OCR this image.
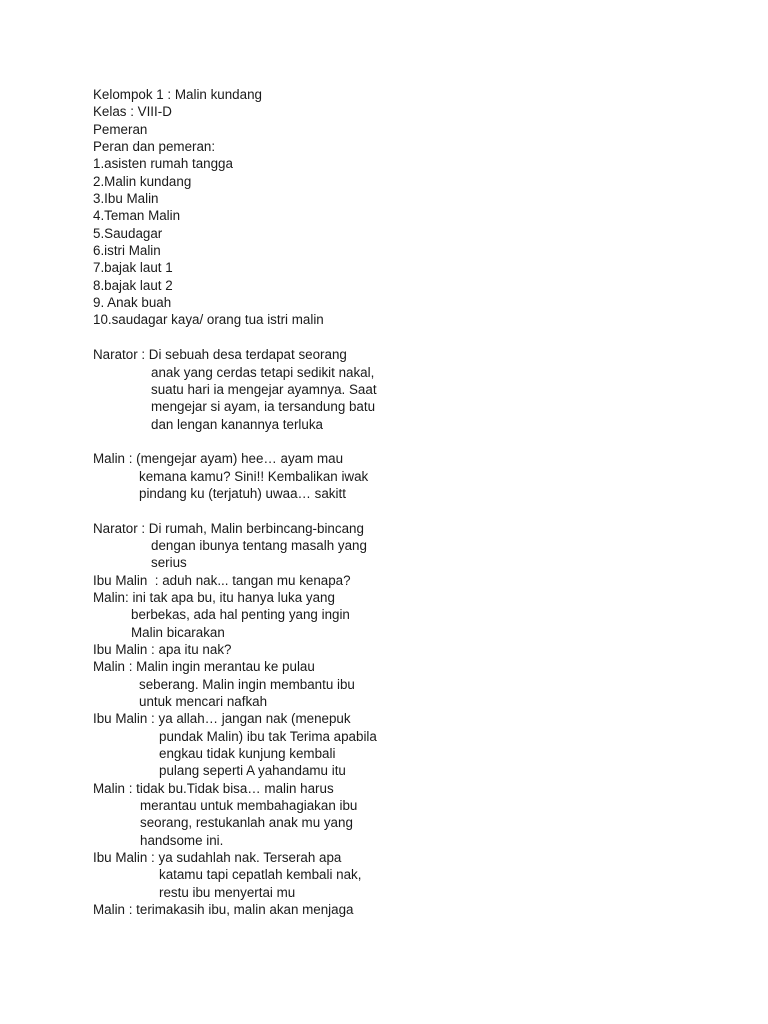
Kelompok 1 : Malin kundang
Kelas : VIII-D
Pemeran
Peran dan pemeran:
1.asisten rumah tangga
2.Malin kundang
3.Ibu Malin
4.Teman Malin
5.Saudagar
6.istri Malin
7.bajak laut 1
8.bajak laut 2
9. Anak buah
10.saudagar kaya/ orang tua istri malin
Narator : Di sebuah desa terdapat seorang
anak yang cerdas tetapi sedikit nakal,
suatu hari ia mengejar ayamnya. Saat
mengejar si ayam, ia tersandung batu
dan lengan kanannya terluka
Malin : (mengejar ayam) hee… ayam mau
kemana kamu? Sini!! Kembalikan iwak
pindang ku (terjatuh) uwaa… sakitt
Narator : Di rumah, Malin berbincang-bincang
dengan ibunya tentang masalh yang
serius
Ibu Malin  : aduh nak... tangan mu kenapa?
Malin: ini tak apa bu, itu hanya luka yang
berbekas, ada hal penting yang ingin
Malin bicarakan
Ibu Malin : apa itu nak?
Malin : Malin ingin merantau ke pulau
seberang. Malin ingin membantu ibu
untuk mencari nafkah
Ibu Malin : ya allah… jangan nak (menepuk
pundak Malin) ibu tak Terima apabila
engkau tidak kunjung kembali
pulang seperti A yahandamu itu
Malin : tidak bu.Tidak bisa… malin harus
merantau untuk membahagiakan ibu
seorang, restukanlah anak mu yang
handsome ini.
Ibu Malin : ya sudahlah nak. Terserah apa
katamu tapi cepatlah kembali nak,
restu ibu menyertai mu
Malin : terimakasih ibu, malin akan menjaga
